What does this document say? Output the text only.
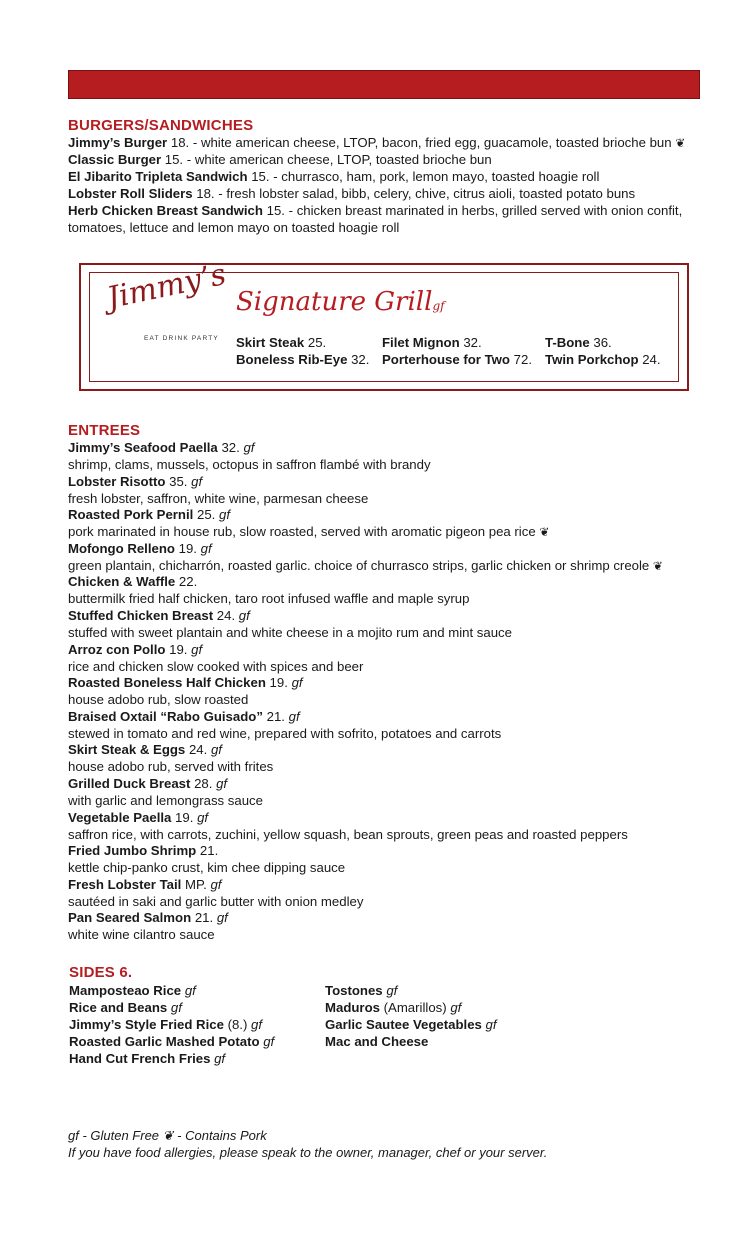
BURGERS/SANDWICHES
Jimmy’s Burger 18. - white american cheese, LTOP, bacon, fried egg, guacamole, toasted brioche bun ❦
Classic Burger 15. - white american cheese, LTOP, toasted brioche bun
El Jibarito Tripleta Sandwich 15. - churrasco, ham, pork, lemon mayo, toasted hoagie roll
Lobster Roll Sliders 18. - fresh lobster salad, bibb, celery, chive, citrus aioli, toasted potato buns
Herb Chicken Breast Sandwich 15. - chicken breast marinated in herbs, grilled served with onion confit,
tomatoes, lettuce and lemon mayo on toasted hoagie roll
Jimmy’s
EAT DRINK PARTY
Signature Grillgf
Skirt Steak 25.	Filet Mignon 32.	T-Bone 36.
Boneless Rib-Eye 32. Porterhouse for Two 72. Twin Porkchop 24.
ENTREES
Jimmy’s Seafood Paella 32. gf
shrimp, clams, mussels, octopus in saffron flambé with brandy
Lobster Risotto 35. gf
fresh lobster, saffron, white wine, parmesan cheese
Roasted Pork Pernil 25. gf
pork marinated in house rub, slow roasted, served with aromatic pigeon pea rice ❦
Mofongo Relleno 19. gf
green plantain, chicharrón, roasted garlic. choice of churrasco strips, garlic chicken or shrimp creole ❦
Chicken & Waffle 22.
buttermilk fried half chicken, taro root infused waffle and maple syrup
Stuffed Chicken Breast 24. gf
stuffed with sweet plantain and white cheese in a mojito rum and mint sauce
Arroz con Pollo 19. gf
rice and chicken slow cooked with spices and beer
Roasted Boneless Half Chicken 19. gf
house adobo rub, slow roasted
Braised Oxtail “Rabo Guisado” 21. gf
stewed in tomato and red wine, prepared with sofrito, potatoes and carrots
Skirt Steak & Eggs 24. gf
house adobo rub, served with frites
Grilled Duck Breast 28. gf
with garlic and lemongrass sauce
Vegetable Paella 19. gf
saffron rice, with carrots, zuchini, yellow squash, bean sprouts, green peas and roasted peppers
Fried Jumbo Shrimp 21.
kettle chip-panko crust, kim chee dipping sauce
Fresh Lobster Tail MP. gf
sautéed in saki and garlic butter with onion medley
Pan Seared Salmon 21. gf
white wine cilantro sauce
SIDES 6.
Mamposteao Rice gf
Rice and Beans gf
Jimmy’s Style Fried Rice (8.) gf
Roasted Garlic Mashed Potato gf
Hand Cut French Fries gf
Tostones gf
Maduros (Amarillos) gf
Garlic Sautee Vegetables gf
Mac and Cheese
gf - Gluten Free ❦ - Contains Pork
If you have food allergies, please speak to the owner, manager, chef or your server.
